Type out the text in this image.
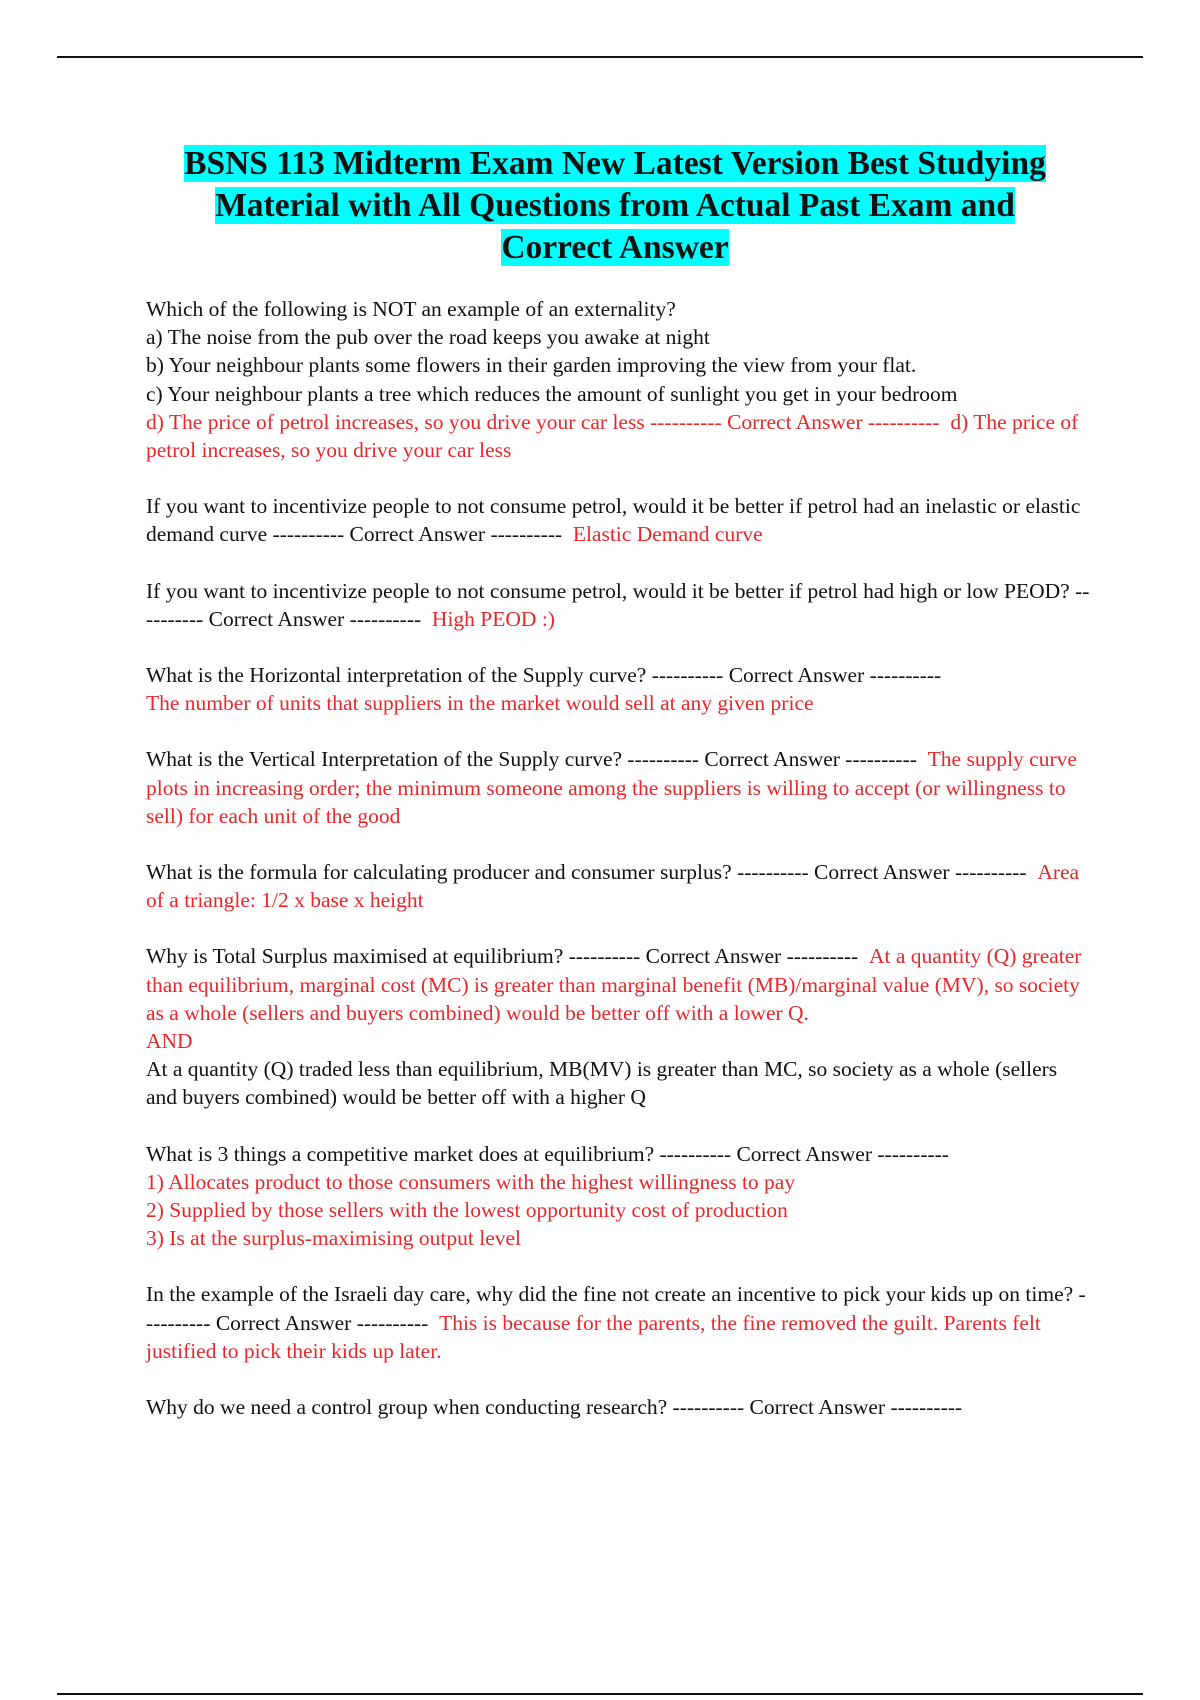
BSNS 113 Midterm Exam New Latest Version Best Studying
Material with All Questions from Actual Past Exam and
Correct Answer

Which of the following is NOT an example of an externality?
a) The noise from the pub over the road keeps you awake at night
b) Your neighbour plants some flowers in their garden improving the view from your flat.
c) Your neighbour plants a tree which reduces the amount of sunlight you get in your bedroom
d) The price of petrol increases, so you drive your car less ---------- Correct Answer ---------- d) The price of petrol increases, so you drive your car less

If you want to incentivize people to not consume petrol, would it be better if petrol had an inelastic or elastic demand curve ---------- Correct Answer ---------- Elastic Demand curve

If you want to incentivize people to not consume petrol, would it be better if petrol had high or low PEOD? ---------- Correct Answer ---------- High PEOD :)

What is the Horizontal interpretation of the Supply curve? ---------- Correct Answer ----------
The number of units that suppliers in the market would sell at any given price

What is the Vertical Interpretation of the Supply curve? ---------- Correct Answer ---------- The supply curve plots in increasing order; the minimum someone among the suppliers is willing to accept (or willingness to sell) for each unit of the good

What is the formula for calculating producer and consumer surplus? ---------- Correct Answer ---------- Area of a triangle: 1/2 x base x height

Why is Total Surplus maximised at equilibrium? ---------- Correct Answer ---------- At a quantity (Q) greater than equilibrium, marginal cost (MC) is greater than marginal benefit (MB)/marginal value (MV), so society as a whole (sellers and buyers combined) would be better off with a lower Q.
AND
At a quantity (Q) traded less than equilibrium, MB(MV) is greater than MC, so society as a whole (sellers and buyers combined) would be better off with a higher Q

What is 3 things a competitive market does at equilibrium? ---------- Correct Answer ----------
1) Allocates product to those consumers with the highest willingness to pay
2) Supplied by those sellers with the lowest opportunity cost of production
3) Is at the surplus-maximising output level

In the example of the Israeli day care, why did the fine not create an incentive to pick your kids up on time? ---------- Correct Answer ---------- This is because for the parents, the fine removed the guilt. Parents felt justified to pick their kids up later.

Why do we need a control group when conducting research? ---------- Correct Answer ----------
